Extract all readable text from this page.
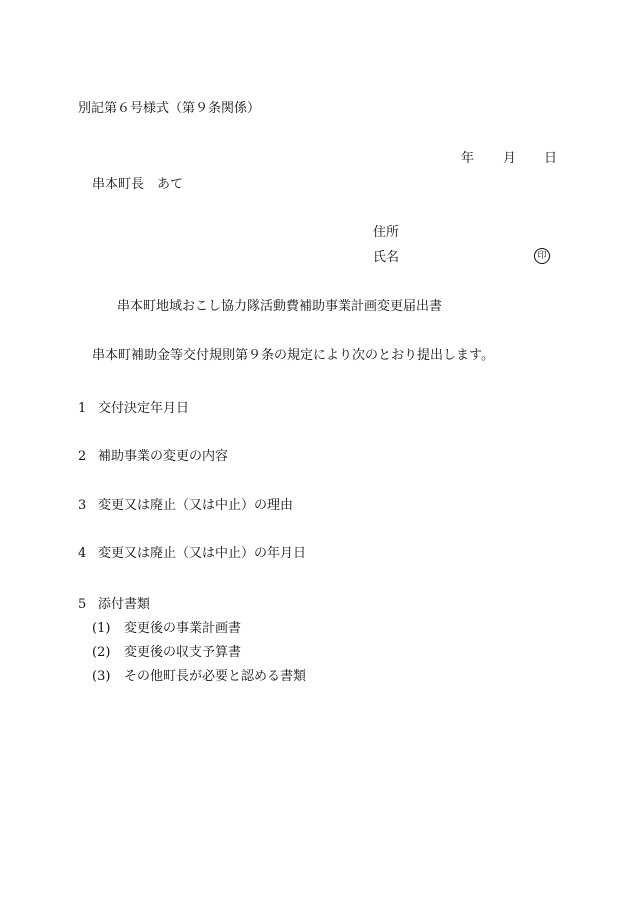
別記第６号様式（第９条関係）
年 月 日
串本町長　あて
住所
氏名	印
串本町地域おこし協力隊活動費補助事業計画変更届出書
串本町補助金等交付規則第９条の規定により次のとおり提出します。
1 交付決定年月日
2 補助事業の変更の内容
3 変更又は廃止（又は中止）の理由
4 変更又は廃止（又は中止）の年月日
5 添付書類
(1) 変更後の事業計画書
(2) 変更後の収支予算書
(3) その他町長が必要と認める書類
